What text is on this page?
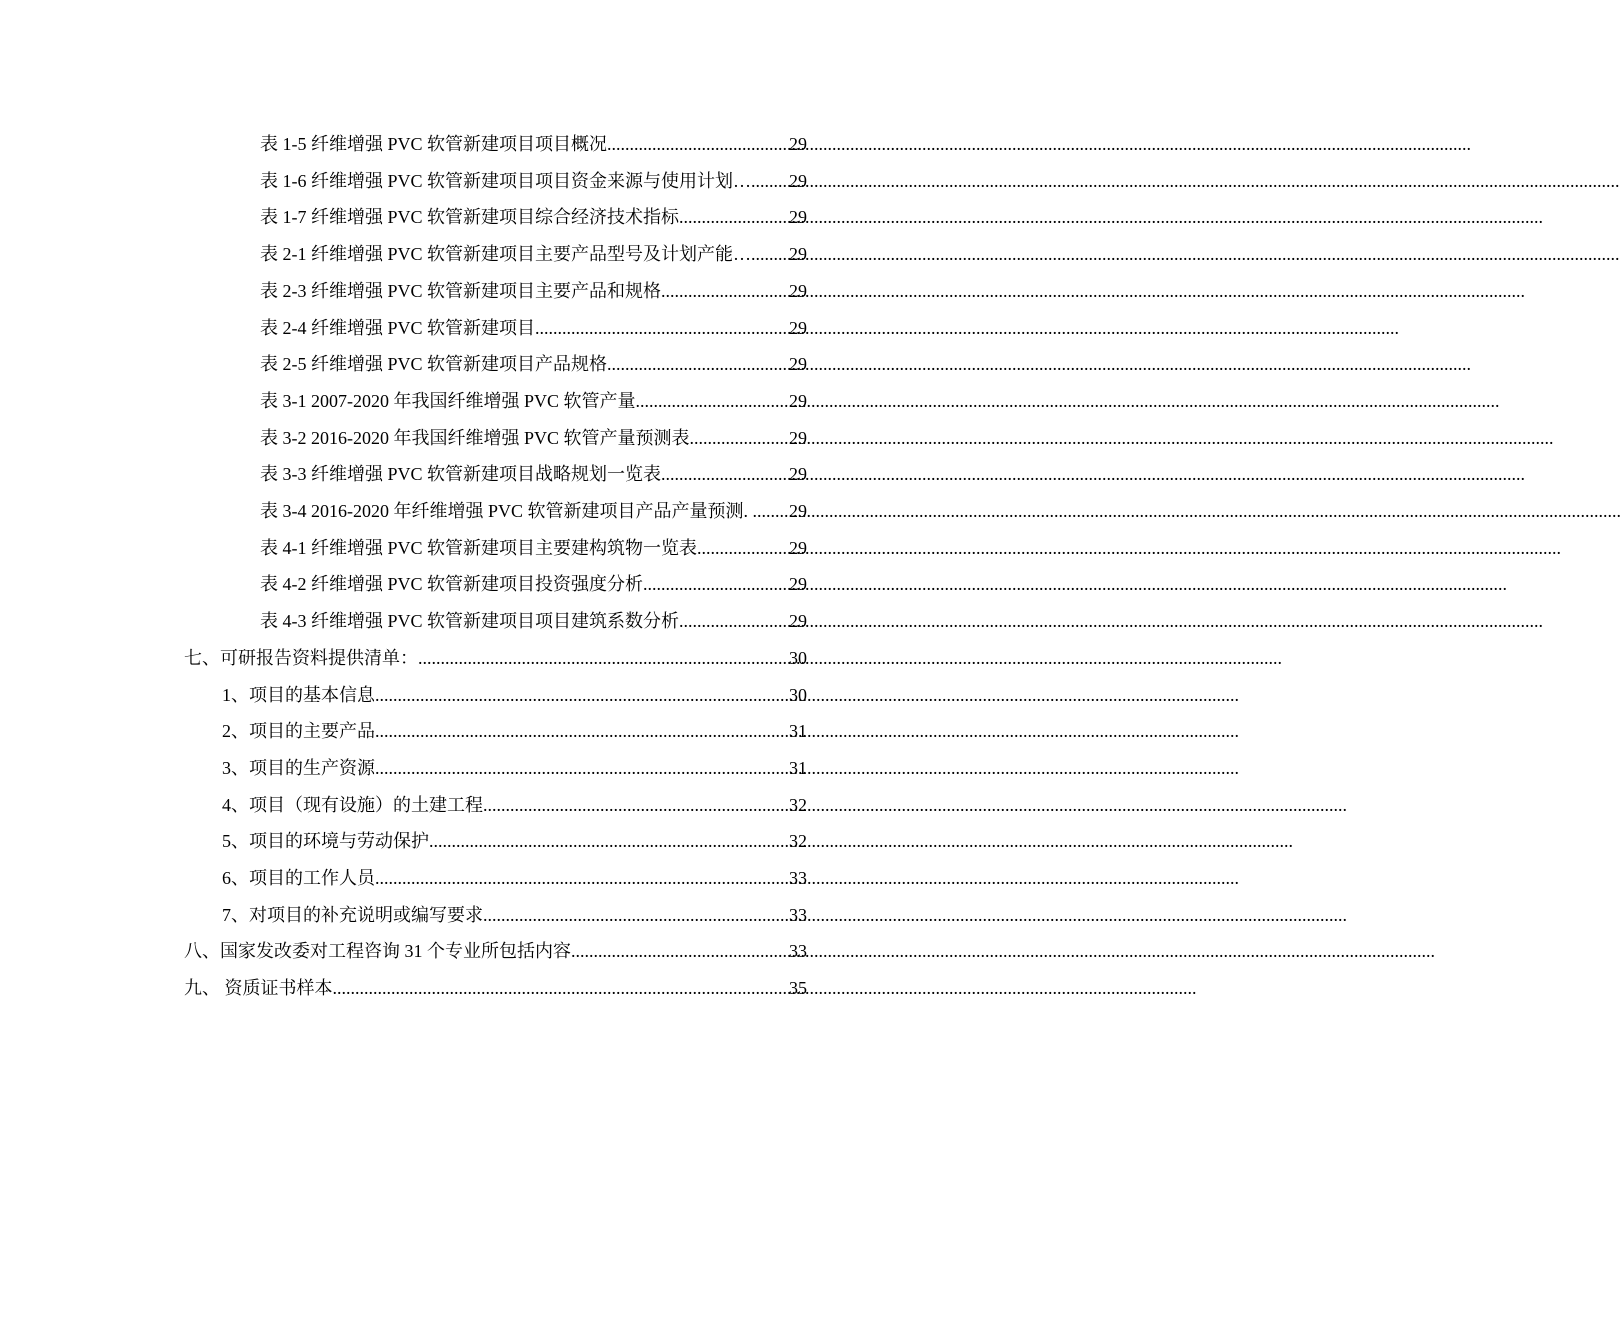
表 1-5 纤维增强 PVC 软管新建项目项目概况 .....	29
表 1-6 纤维增强 PVC 软管新建项目项目资金来源与使用计划…. ..... 29
表 1-7 纤维增强 PVC 软管新建项目综合经济技术指标 .....	29
表 2-1 纤维增强 PVC 软管新建项目主要产品型号及计划产能…. ..... 29
表 2-3 纤维增强 PVC 软管新建项目主要产品和规格 .....	29
表 2-4 纤维增强 PVC 软管新建项目 .....	29
表 2-5 纤维增强 PVC 软管新建项目产品规格 .....	29
表 3-1 2007-2020 年我国纤维增强 PVC 软管产量 .....	29
表 3-2 2016-2020 年我国纤维增强 PVC 软管产量预测表 .....	29
表 3-3 纤维增强 PVC 软管新建项目战略规划一览表 .....	29
表 3-4 2016-2020 年纤维增强 PVC 软管新建项目产品产量预测. . ..... 29
表 4-1 纤维增强 PVC 软管新建项目主要建构筑物一览表 .....	29
表 4-2 纤维增强 PVC 软管新建项目投资强度分析 .....	29
表 4-3 纤维增强 PVC 软管新建项目项目建筑系数分析 .....	29
七、可研报告资料提供清单： .....	30
1、项目的基本信息 .....	30
2、项目的主要产品 .....	31
3、项目的生产资源 .....	31
4、项目（现有设施）的土建工程 .....	32
5、项目的环境与劳动保护 .....	32
6、项目的工作人员 .....	33
7、对项目的补充说明或编写要求 .....	33
八、国家发改委对工程咨询 31 个专业所包括内容 .....	33
九、 资质证书样本 .....	35
